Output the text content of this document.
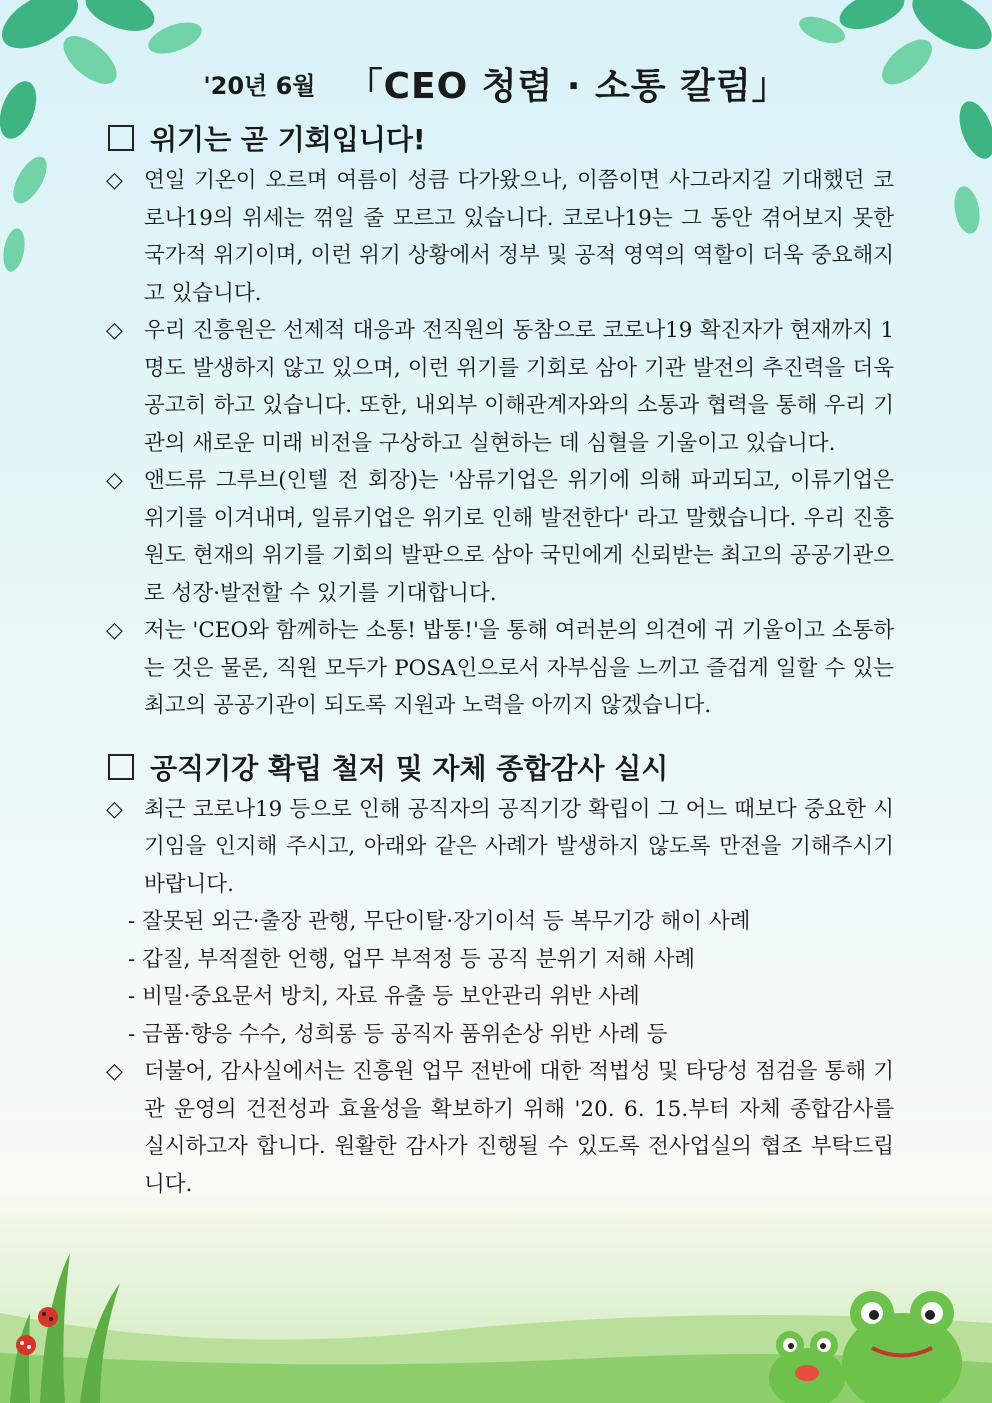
'20년 6월 「CEO 청렴 · 소통 칼럼」
위기는 곧 기회입니다!
◇ 연일 기온이 오르며 여름이 성큼 다가왔으나, 이쯤이면 사그라지길 기대했던 코로나19의 위세는 꺾일 줄 모르고 있습니다. 코로나19는 그 동안 겪어보지 못한 국가적 위기이며, 이런 위기 상황에서 정부 및 공적 영역의 역할이 더욱 중요해지고 있습니다.
◇ 우리 진흥원은 선제적 대응과 전직원의 동참으로 코로나19 확진자가 현재까지 1명도 발생하지 않고 있으며, 이런 위기를 기회로 삼아 기관 발전의 추진력을 더욱 공고히 하고 있습니다. 또한, 내외부 이해관계자와의 소통과 협력을 통해 우리 기관의 새로운 미래 비전을 구상하고 실현하는 데 심혈을 기울이고 있습니다.
◇ 앤드류 그루브(인텔 전 회장)는 '삼류기업은 위기에 의해 파괴되고, 이류기업은 위기를 이겨내며, 일류기업은 위기로 인해 발전한다' 라고 말했습니다. 우리 진흥원도 현재의 위기를 기회의 발판으로 삼아 국민에게 신뢰받는 최고의 공공기관으로 성장·발전할 수 있기를 기대합니다.
◇ 저는 'CEO와 함께하는 소통! 밥통!'을 통해 여러분의 의견에 귀 기울이고 소통하는 것은 물론, 직원 모두가 POSA인으로서 자부심을 느끼고 즐겁게 일할 수 있는 최고의 공공기관이 되도록 지원과 노력을 아끼지 않겠습니다.
공직기강 확립 철저 및 자체 종합감사 실시
◇ 최근 코로나19 등으로 인해 공직자의 공직기강 확립이 그 어느 때보다 중요한 시기임을 인지해 주시고, 아래와 같은 사례가 발생하지 않도록 만전을 기해주시기 바랍니다.
- 잘못된 외근·출장 관행, 무단이탈·장기이석 등 복무기강 해이 사례
- 갑질, 부적절한 언행, 업무 부적정 등 공직 분위기 저해 사례
- 비밀·중요문서 방치, 자료 유출 등 보안관리 위반 사례
- 금품·향응 수수, 성희롱 등 공직자 품위손상 위반 사례 등
◇ 더불어, 감사실에서는 진흥원 업무 전반에 대한 적법성 및 타당성 점검을 통해 기관 운영의 건전성과 효율성을 확보하기 위해 '20. 6. 15.부터 자체 종합감사를 실시하고자 합니다. 원활한 감사가 진행될 수 있도록 전사업실의 협조 부탁드립니다.
